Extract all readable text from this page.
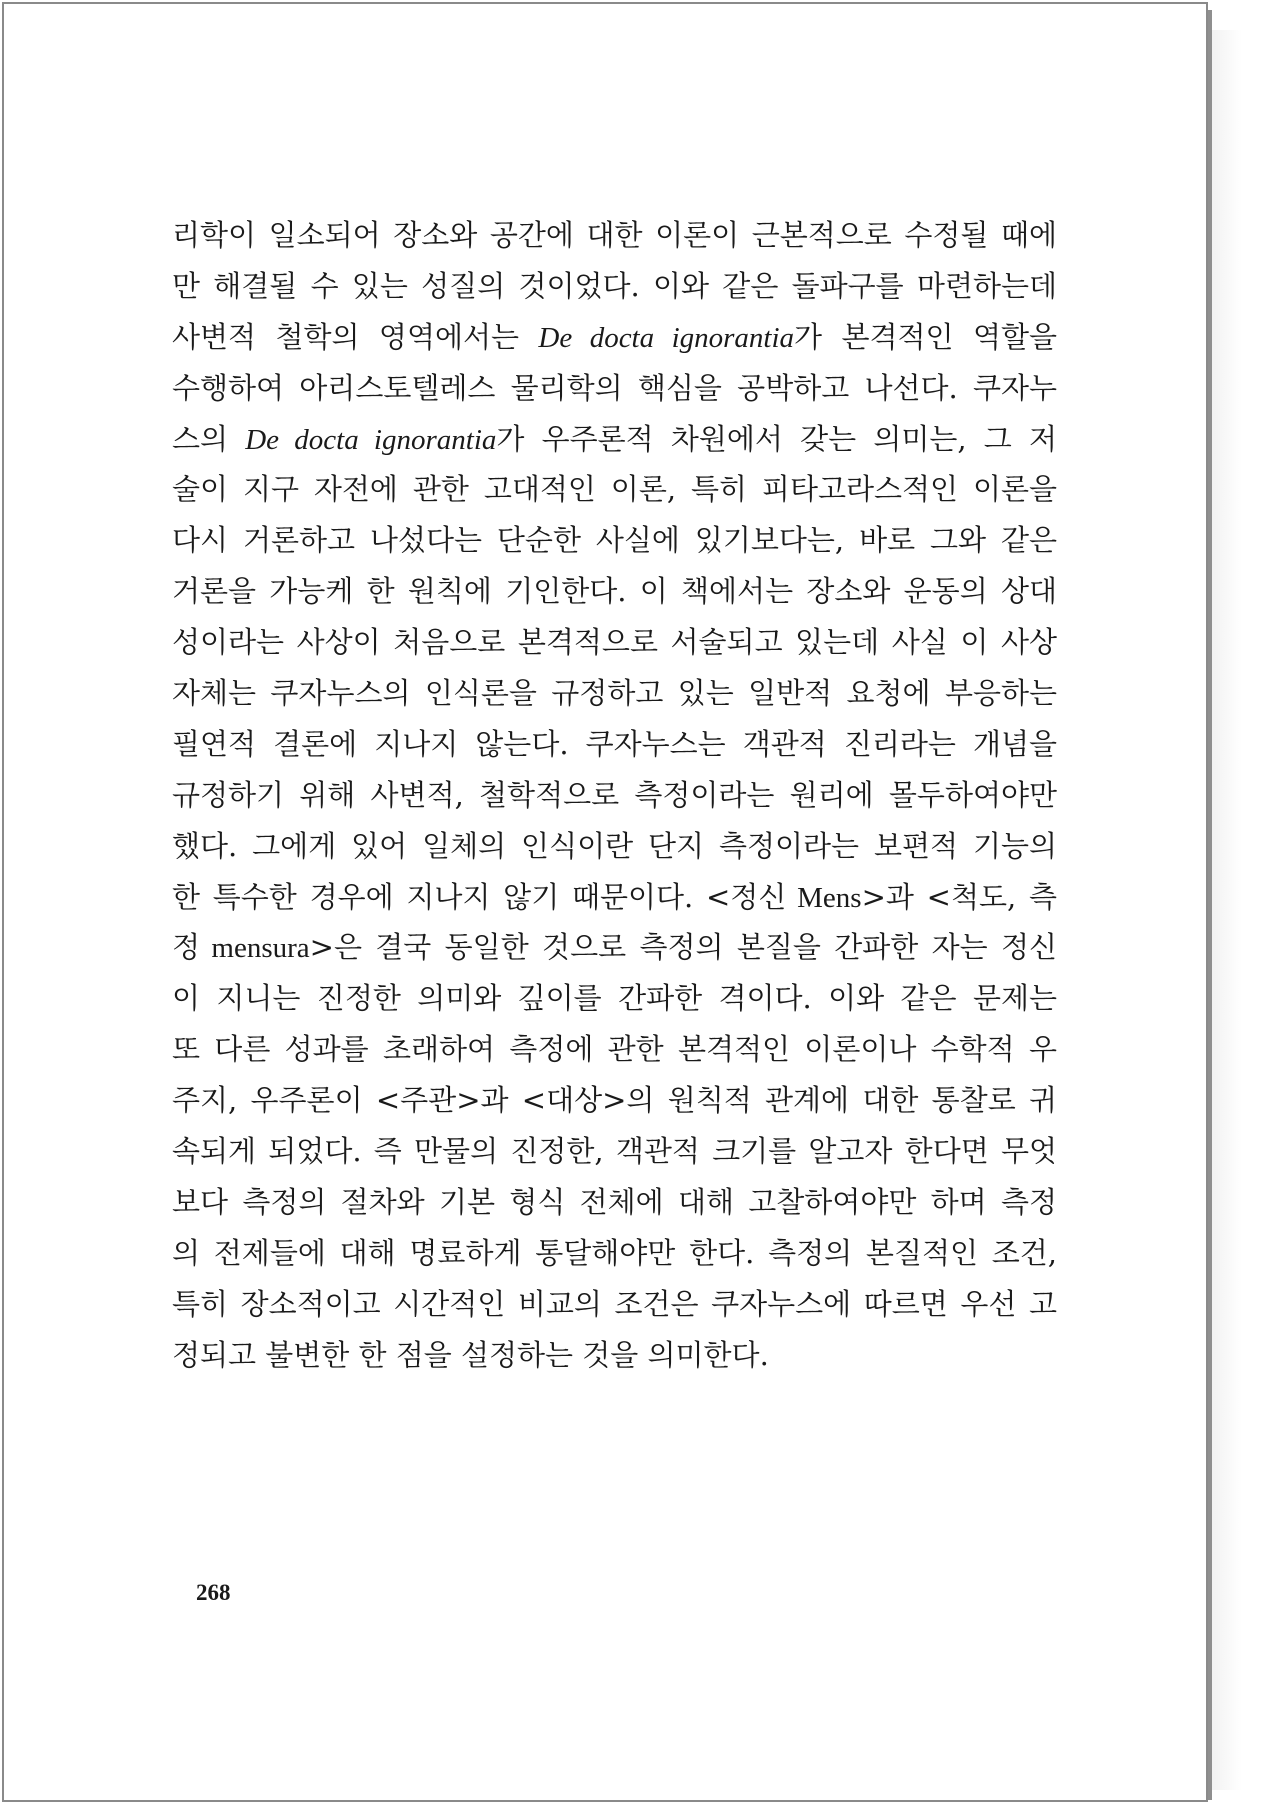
리학이 일소되어 장소와 공간에 대한 이론이 근본적으로 수정될 때에
만 해결될 수 있는 성질의 것이었다. 이와 같은 돌파구를 마련하는데
사변적 철학의 영역에서는 De docta ignorantia가 본격적인 역할을
수행하여 아리스토텔레스 물리학의 핵심을 공박하고 나선다. 쿠자누
스의 De docta ignorantia가 우주론적 차원에서 갖는 의미는, 그 저
술이 지구 자전에 관한 고대적인 이론, 특히 피타고라스적인 이론을
다시 거론하고 나섰다는 단순한 사실에 있기보다는, 바로 그와 같은
거론을 가능케 한 원칙에 기인한다. 이 책에서는 장소와 운동의 상대
성이라는 사상이 처음으로 본격적으로 서술되고 있는데 사실 이 사상
자체는 쿠자누스의 인식론을 규정하고 있는 일반적 요청에 부응하는
필연적 결론에 지나지 않는다. 쿠자누스는 객관적 진리라는 개념을
규정하기 위해 사변적, 철학적으로 측정이라는 원리에 몰두하여야만
했다. 그에게 있어 일체의 인식이란 단지 측정이라는 보편적 기능의
한 특수한 경우에 지나지 않기 때문이다. <정신 Mens>과 <척도, 측
정 mensura>은 결국 동일한 것으로 측정의 본질을 간파한 자는 정신
이 지니는 진정한 의미와 깊이를 간파한 격이다. 이와 같은 문제는
또 다른 성과를 초래하여 측정에 관한 본격적인 이론이나 수학적 우
주지, 우주론이 <주관>과 <대상>의 원칙적 관계에 대한 통찰로 귀
속되게 되었다. 즉 만물의 진정한, 객관적 크기를 알고자 한다면 무엇
보다 측정의 절차와 기본 형식 전체에 대해 고찰하여야만 하며 측정
의 전제들에 대해 명료하게 통달해야만 한다. 측정의 본질적인 조건,
특히 장소적이고 시간적인 비교의 조건은 쿠자누스에 따르면 우선 고
정되고 불변한 한 점을 설정하는 것을 의미한다.
268
